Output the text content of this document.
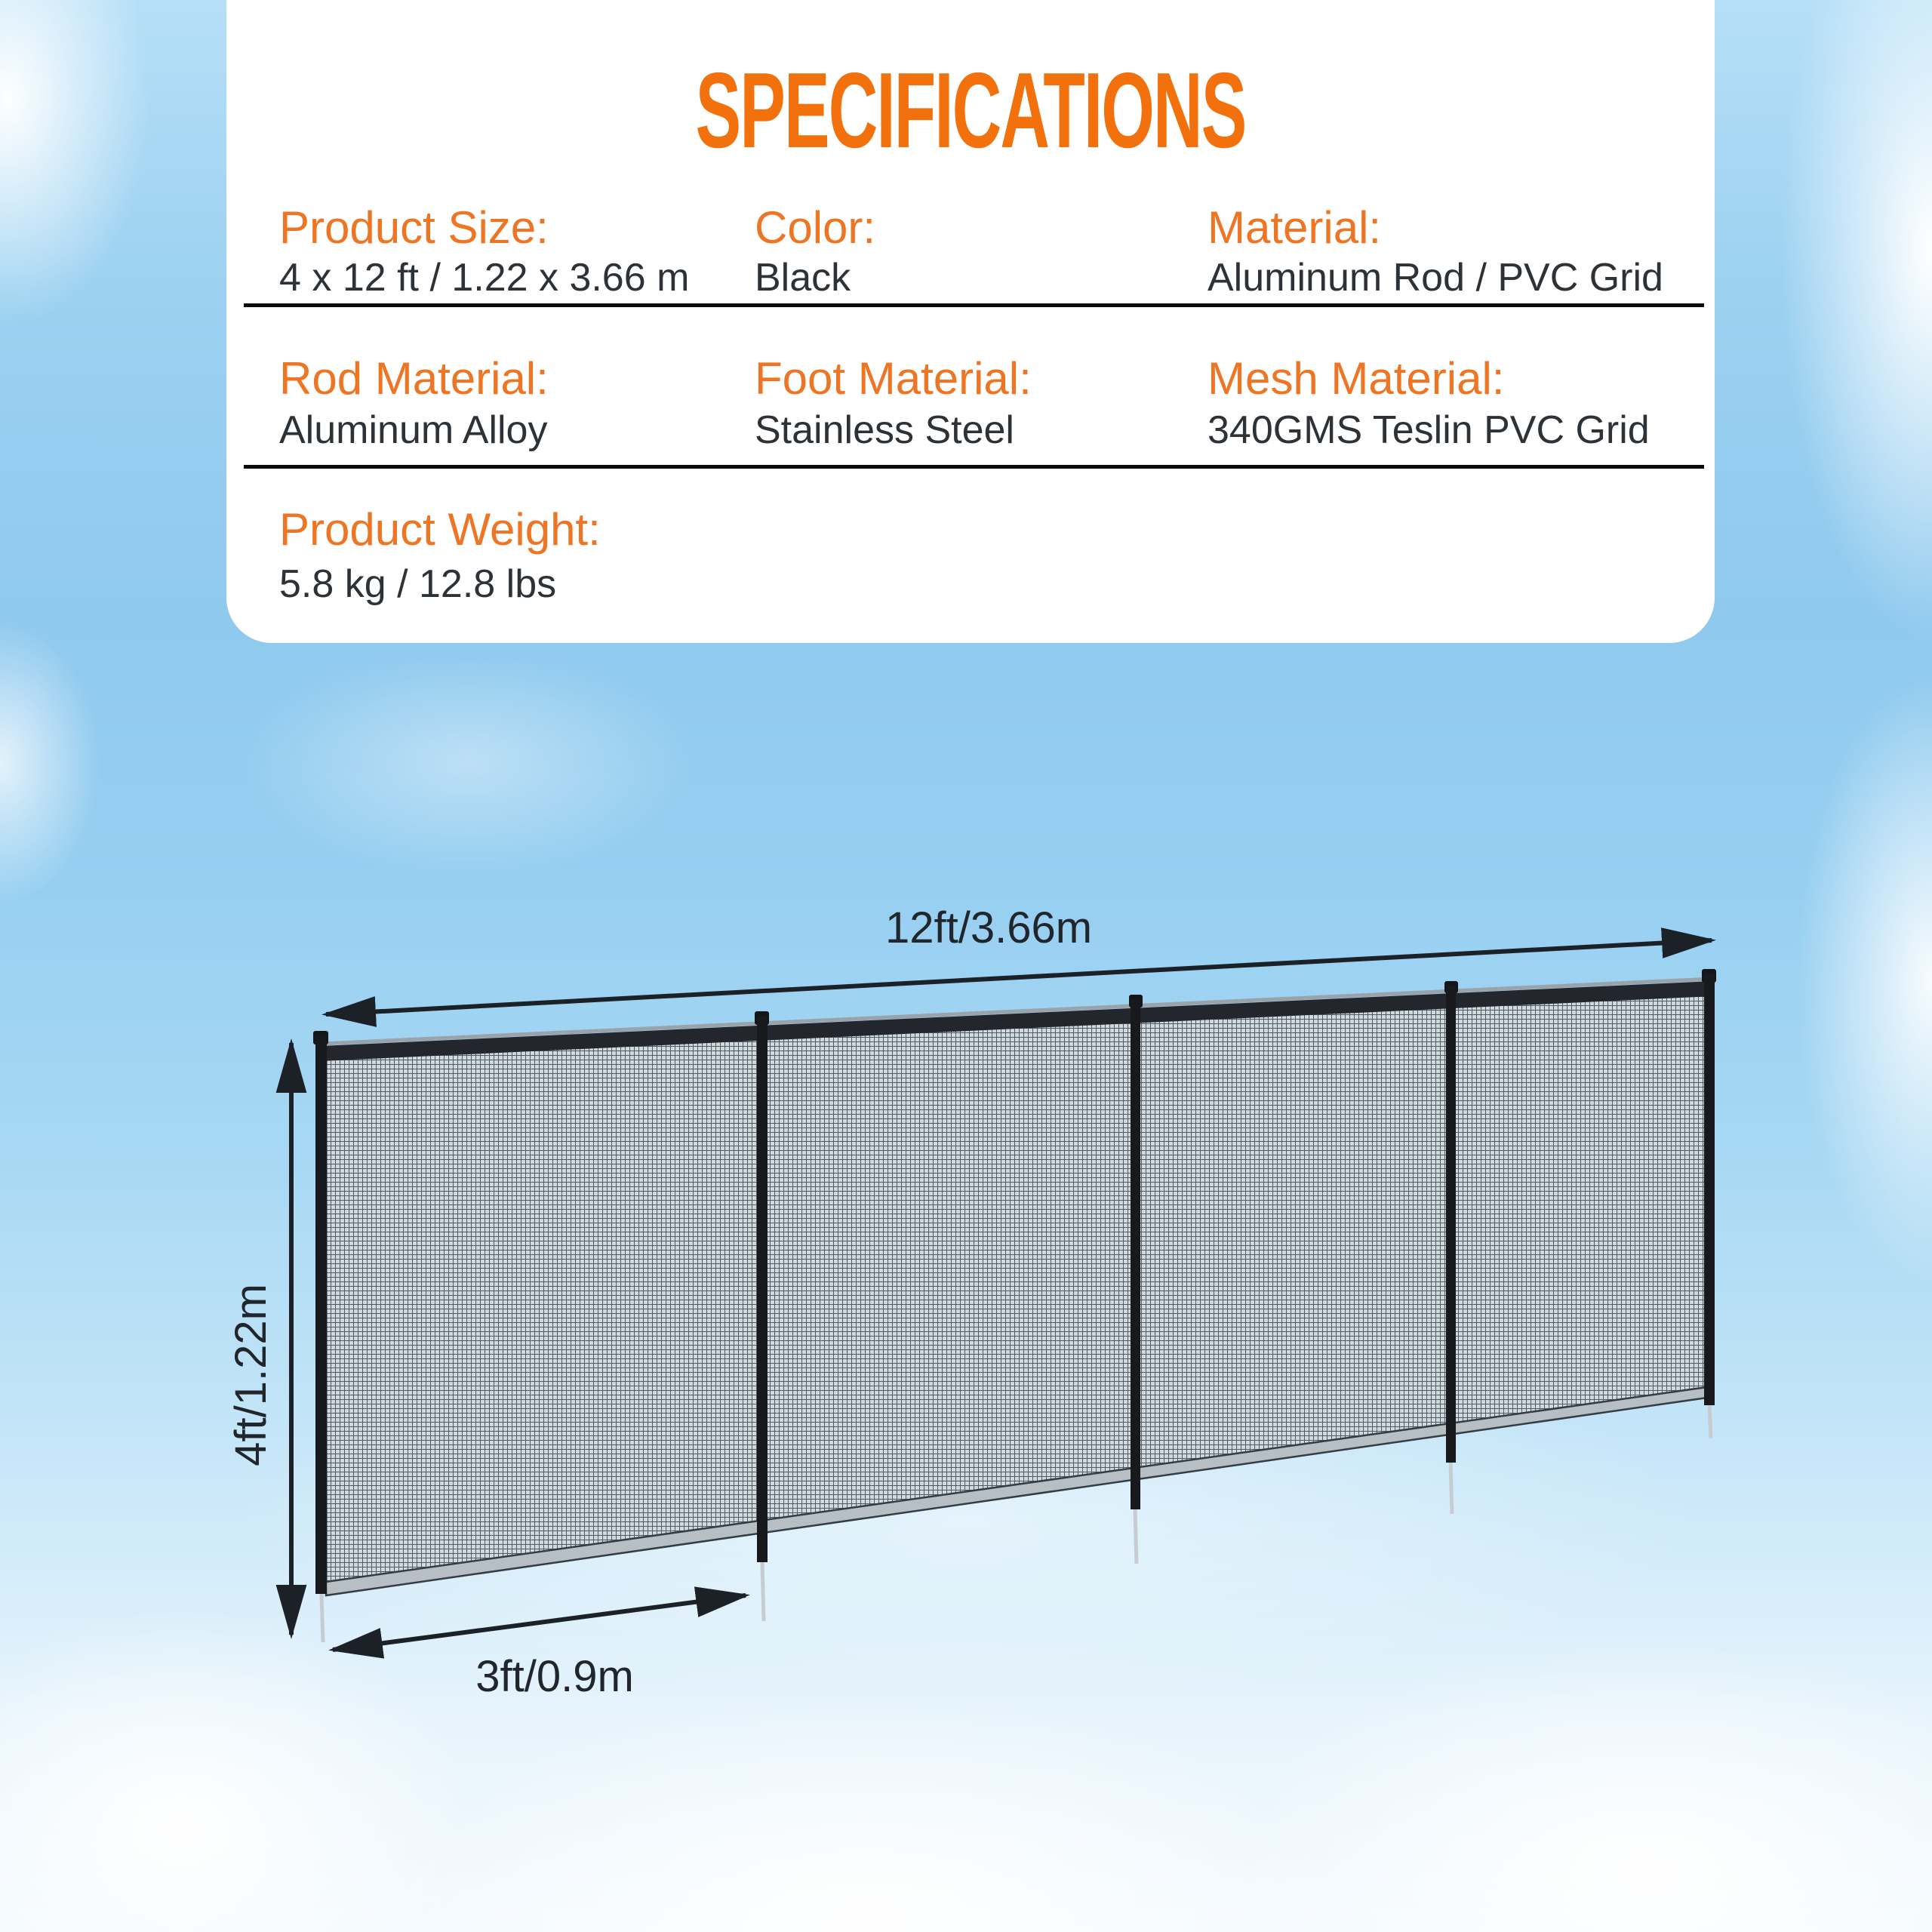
SPECIFICATIONS
Product Size:
4 x 12 ft / 1.22 x 3.66 m
Color:
Black
Material:
Aluminum Rod / PVC Grid
Rod Material:
Aluminum Alloy
Foot Material:
Stainless Steel
Mesh Material:
340GMS Teslin PVC Grid
Product Weight:
5.8 kg / 12.8 lbs
12ft/3.66m
4ft/1.22m
3ft/0.9m
